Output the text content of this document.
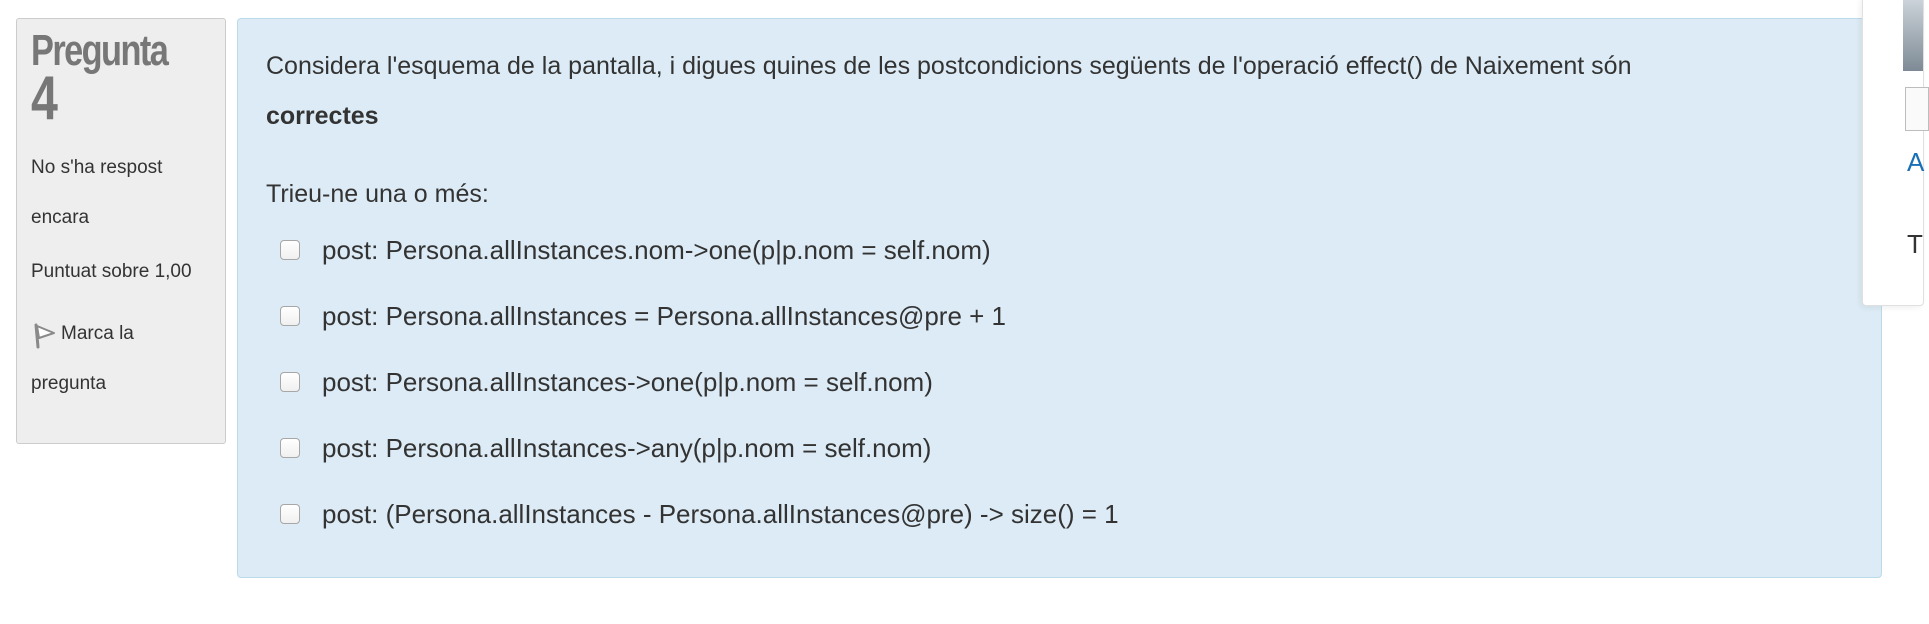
Pregunta
4
No s'ha respost encara
Puntuat sobre 1,00
Marca la pregunta

Considera l'esquema de la pantalla, i digues quines de les postcondicions següents de l'operació effect() de Naixement són
correctes

Trieu-ne una o més:
post: Persona.allInstances.nom->one(p|p.nom = self.nom)
post: Persona.allInstances = Persona.allInstances@pre + 1
post: Persona.allInstances->one(p|p.nom = self.nom)
post: Persona.allInstances->any(p|p.nom = self.nom)
post: (Persona.allInstances - Persona.allInstances@pre) -> size() = 1
A
T
